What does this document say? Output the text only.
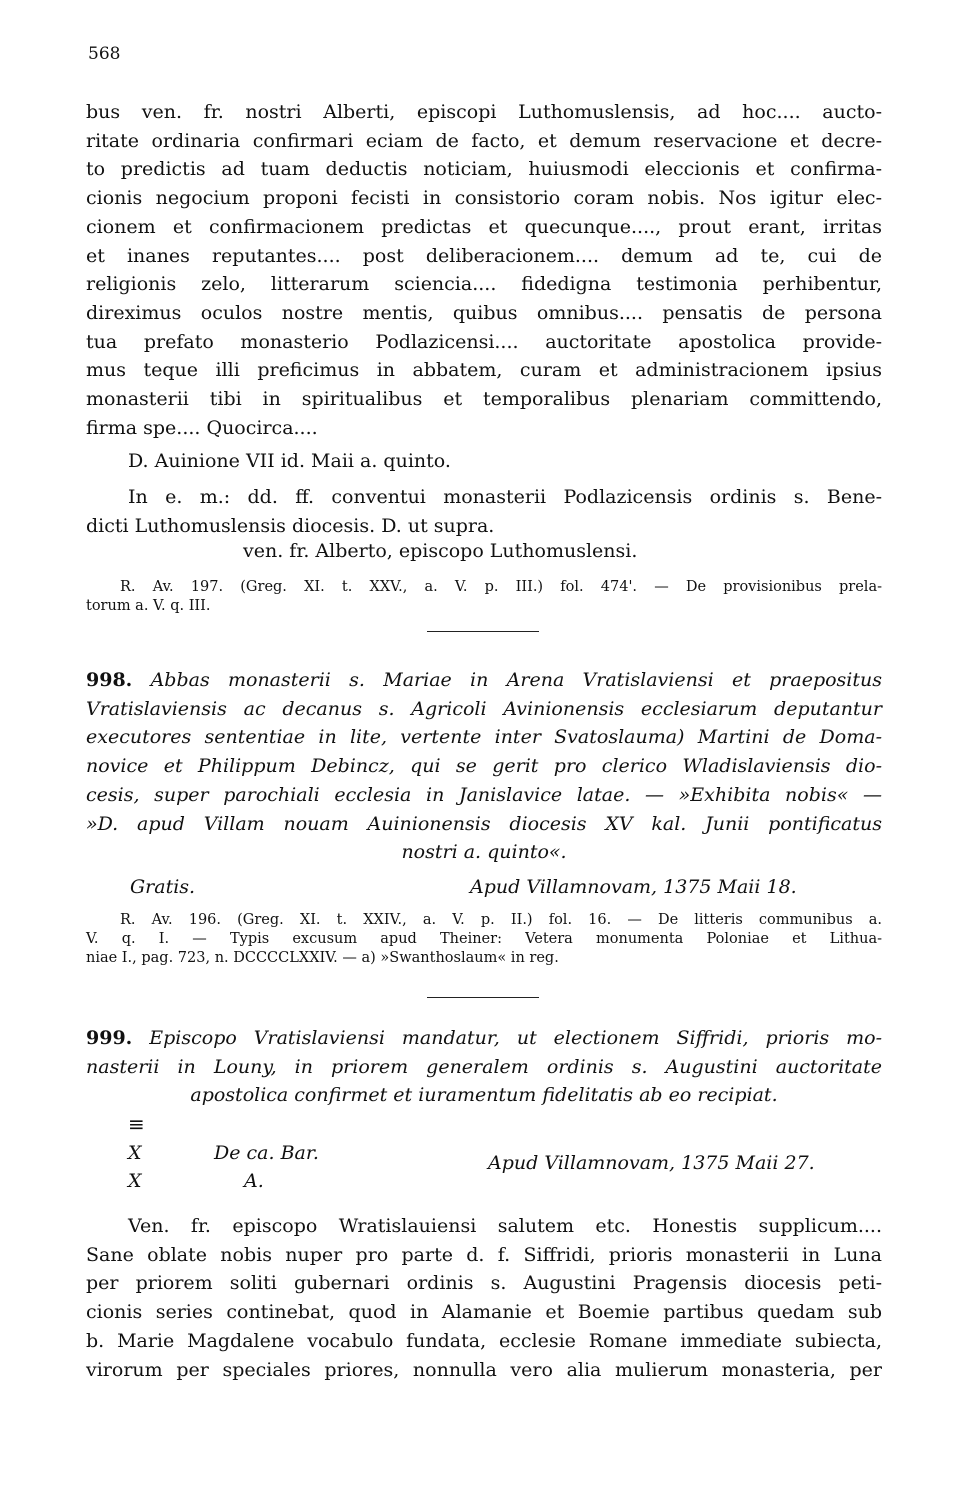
568
bus ven. fr. nostri Alberti, episcopi Luthomuslensis, ad hoc.... aucto-
ritate ordinaria confirmari eciam de facto, et demum reservacione et decre-
to predictis ad tuam deductis noticiam, huiusmodi eleccionis et confirma-
cionis negocium proponi fecisti in consistorio coram nobis. Nos igitur elec-
cionem et confirmacionem predictas et quecunque...., prout erant, irritas
et inanes reputantes.... post deliberacionem.... demum ad te, cui de
religionis zelo, litterarum sciencia.... fidedigna testimonia perhibentur,
direximus oculos nostre mentis, quibus omnibus.... pensatis de persona
tua prefato monasterio Podlazicensi.... auctoritate apostolica provide-
mus teque illi preficimus in abbatem, curam et administracionem ipsius
monasterii tibi in spiritualibus et temporalibus plenariam committendo,
firma spe.... Quocirca....
D. Auinione VII id. Maii a. quinto.
In e. m.: dd. ff. conventui monasterii Podlazicensis ordinis s. Bene-
dicti Luthomuslensis diocesis. D. ut supra.
ven. fr. Alberto, episcopo Luthomuslensi.
R. Av. 197. (Greg. XI. t. XXV., a. V. p. III.) fol. 474'. — De provisionibus prela-
torum a. V. q. III.
998. Abbas monasterii s. Mariae in Arena Vratislaviensi et praepositus
Vratislaviensis ac decanus s. Agricoli Avinionensis ecclesiarum deputantur
executores sententiae in lite, vertente inter Svatoslauma) Martini de Doma-
novice et Philippum Debincz, qui se gerit pro clerico Wladislaviensis dio-
cesis, super parochiali ecclesia in Janislavice latae. — »Exhibita nobis« —
»D. apud Villam nouam Auinionensis diocesis XV kal. Junii pontificatus
nostri a. quinto«.
Gratis.	Apud Villamnovam, 1375 Maii 18.
R. Av. 196. (Greg. XI. t. XXIV., a. V. p. II.) fol. 16. — De litteris communibus a.
V. q. I. — Typis excusum apud Theiner: Vetera monumenta Poloniae et Lithua-
niae I., pag. 723, n. DCCCCLXXIV. — a) »Swanthoslaum« in reg.
999. Episcopo Vratislaviensi mandatur, ut electionem Siffridi, prioris mo-
nasterii in Louny, in priorem generalem ordinis s. Augustini auctoritate
apostolica confirmet et iuramentum fidelitatis ab eo recipiat.
≡
X
X
De ca. Bar.
A.
Apud Villamnovam, 1375 Maii 27.
Ven. fr. episcopo Wratislauiensi salutem etc. Honestis supplicum....
Sane oblate nobis nuper pro parte d. f. Siffridi, prioris monasterii in Luna
per priorem soliti gubernari ordinis s. Augustini Pragensis diocesis peti-
cionis series continebat, quod in Alamanie et Boemie partibus quedam sub
b. Marie Magdalene vocabulo fundata, ecclesie Romane immediate subiecta,
virorum per speciales priores, nonnulla vero alia mulierum monasteria, per
